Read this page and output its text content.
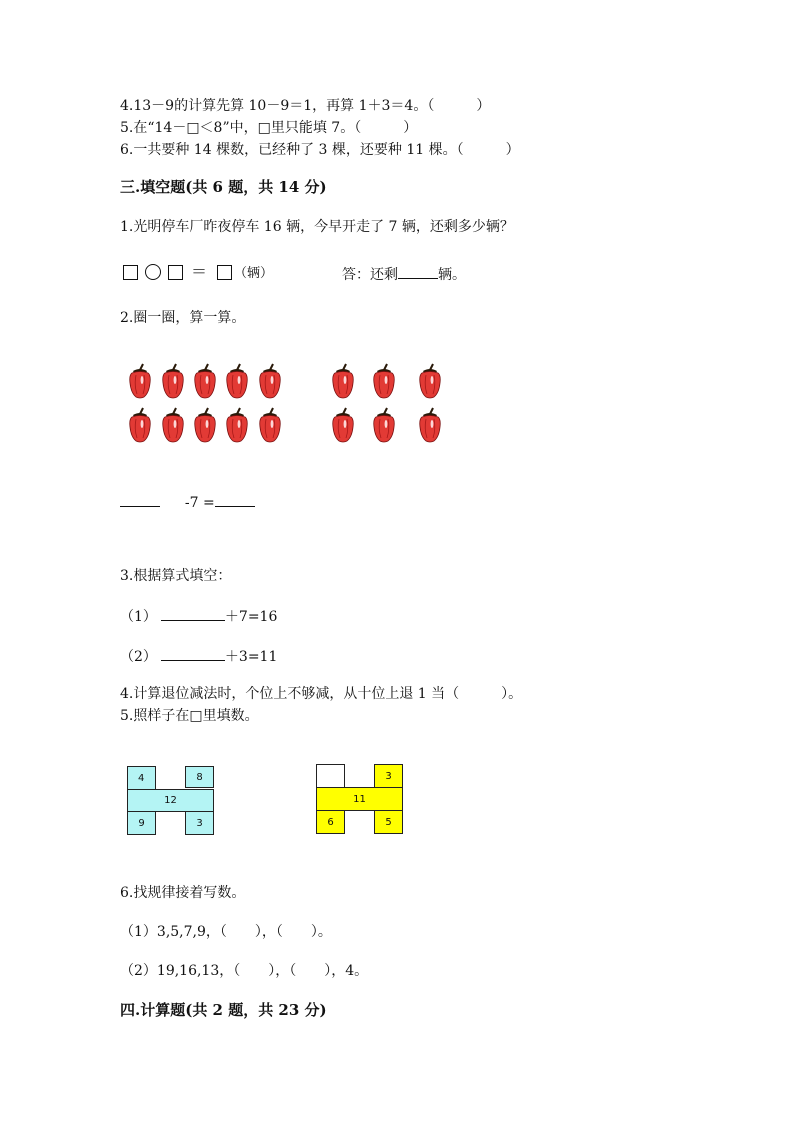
4.13－9的计算先算 10－9＝1，再算 1＋3＝4。（　　　）
5.在“14－□＜8”中，□里只能填 7。（　　　）
6.一共要种 14 棵数，已经种了 3 棵，还要种 11 棵。（　　　）
三.填空题(共 6 题，共 14 分)
1.光明停车厂昨夜停车 16 辆，今早开走了 7 辆，还剩多少辆？
＝ （辆）	答：还剩	辆。
2.圈一圈，算一算。
-7 =
3.根据算式填空：
（1）	＋7=16
（2）	＋3=11
4.计算退位减法时，个位上不够减，从十位上退 1 当（　　　）。
5.照样子在□里填数。
4	8
12
9	3
3
11
6	5
6.找规律接着写数。
（1）3,5,7,9，（　　），（　　）。
（2）19,16,13，（　　），（　　），4。
四.计算题(共 2 题，共 23 分)
